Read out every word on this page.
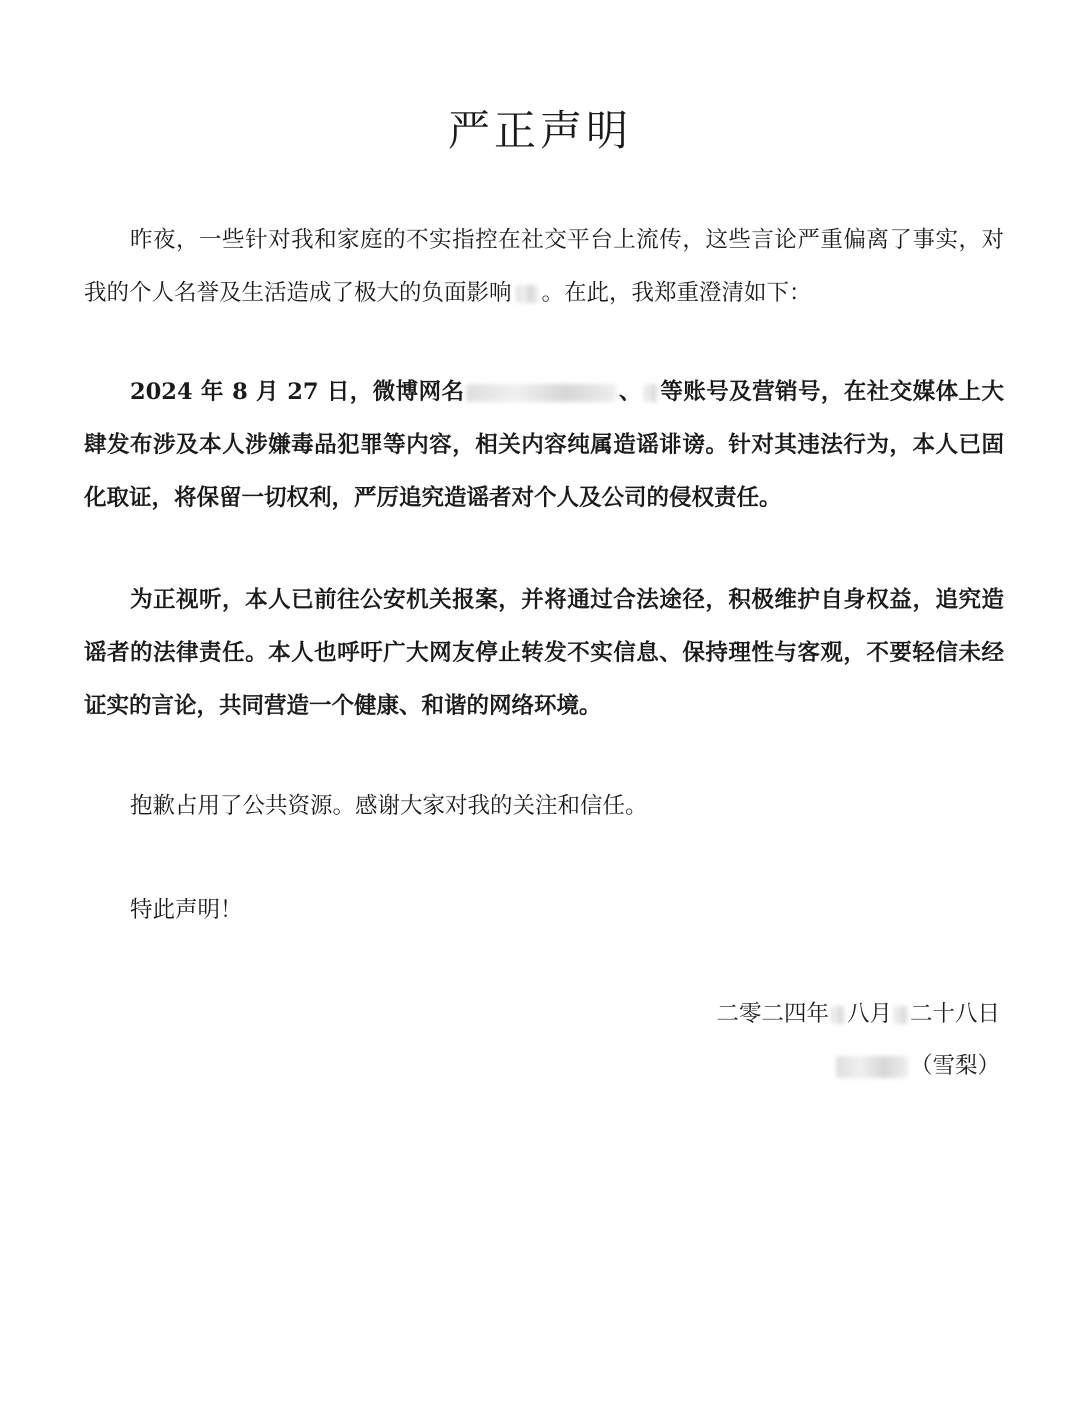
严正声明

昨夜，一些针对我和家庭的不实指控在社交平台上流传，这些言论严重偏离了事实，对我的个人名誉及生活造成了极大的负面影响 。在此，我郑重澄清如下：

2024 年 8 月 27 日，微博网名	、 等账号及营销号，在社交媒体上大肆发布涉及本人涉嫌毒品犯罪等内容，相关内容纯属造谣诽谤。针对其违法行为，本人已固化取证，将保留一切权利，严厉追究造谣者对个人及公司的侵权责任。

为正视听，本人已前往公安机关报案，并将通过合法途径，积极维护自身权益，追究造谣者的法律责任。本人也呼吁广大网友停止转发不实信息、保持理性与客观，不要轻信未经证实的言论，共同营造一个健康、和谐的网络环境。

抱歉占用了公共资源。感谢大家对我的关注和信任。

特此声明！

二零二四年 八月 二十八日

（雪梨）
